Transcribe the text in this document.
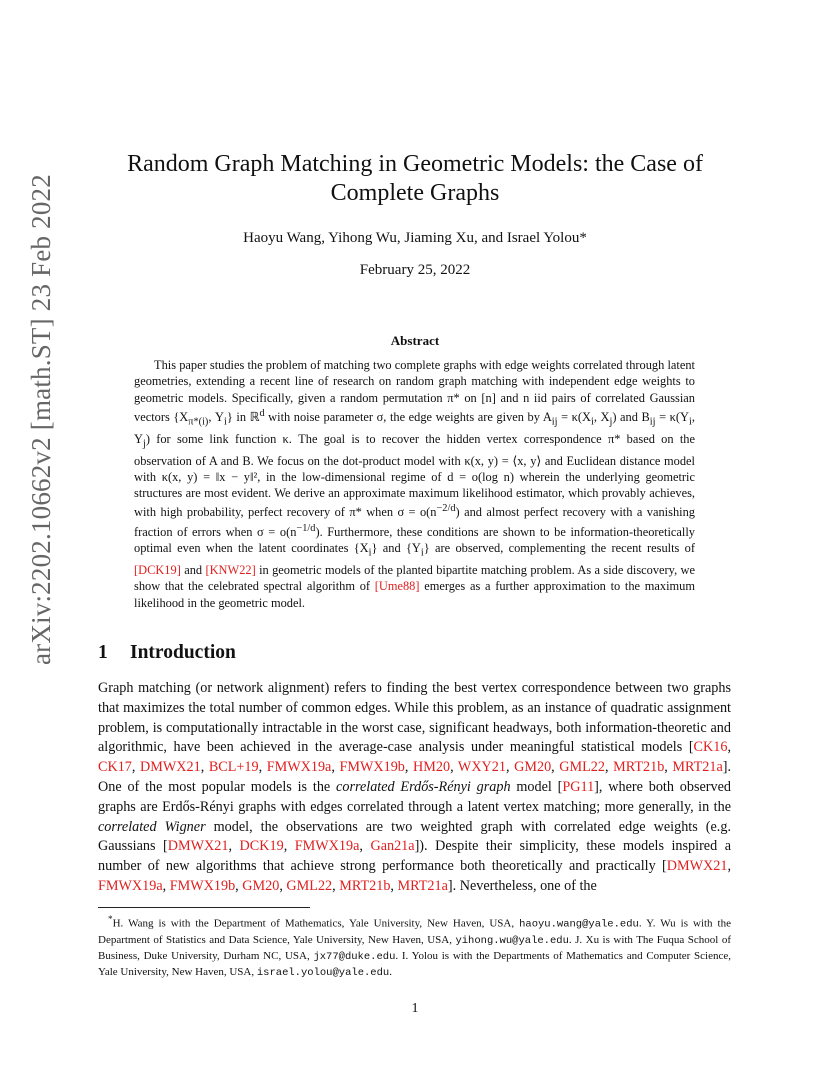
arXiv:2202.10662v2 [math.ST] 23 Feb 2022
Random Graph Matching in Geometric Models: the Case of Complete Graphs
Haoyu Wang, Yihong Wu, Jiaming Xu, and Israel Yolou*
February 25, 2022
Abstract
This paper studies the problem of matching two complete graphs with edge weights correlated through latent geometries, extending a recent line of research on random graph matching with independent edge weights to geometric models. Specifically, given a random permutation π* on [n] and n iid pairs of correlated Gaussian vectors {$X_{\pi*(i)}$, $Y_i$} in ℝ$^d$ with noise parameter σ, the edge weights are given by $A_{ij} = \kappa(X_i$, $X_j$) and $B_{ij} = \kappa(Y_i$, $Y_j$) for some link function κ. The goal is to recover the hidden vertex correspondence π* based on the observation of A and B. We focus on the dot-product model with κ(x, y) = ⟨x, y⟩ and Euclidean distance model with κ(x, y) = ‖x − y‖², in the low-dimensional regime of d = o(log n) wherein the underlying geometric structures are most evident. We derive an approximate maximum likelihood estimator, which provably achieves, with high probability, perfect recovery of π* when $\sigma = o(n^{-2/d})$ and almost perfect recovery with a vanishing fraction of errors when $\sigma = o(n^{-1/d})$. Furthermore, these conditions are shown to be information-theoretically optimal even when the latent coordinates $\{X_i\}$ and $\{Y_i\}$ are observed, complementing the recent results of [DCK19] and [KNW22] in geometric models of the planted bipartite matching problem. As a side discovery, we show that the celebrated spectral algorithm of [Ume88] emerges as a further approximation to the maximum likelihood in the geometric model.
1 Introduction
Graph matching (or network alignment) refers to finding the best vertex correspondence between two graphs that maximizes the total number of common edges. While this problem, as an instance of quadratic assignment problem, is computationally intractable in the worst case, significant headways, both information-theoretic and algorithmic, have been achieved in the average-case analysis under meaningful statistical models [CK16, CK17, DMWX21, BCL+19, FMWX19a, FMWX19b, HM20, WXY21, GM20, GML22, MRT21b, MRT21a]. One of the most popular models is the correlated Erdős-Rényi graph model [PG11], where both observed graphs are Erdős-Rényi graphs with edges correlated through a latent vertex matching; more generally, in the correlated Wigner model, the observations are two weighted graph with correlated edge weights (e.g. Gaussians [DMWX21, DCK19, FMWX19a, Gan21a]). Despite their simplicity, these models inspired a number of new algorithms that achieve strong performance both theoretically and practically [DMWX21, FMWX19a, FMWX19b, GM20, GML22, MRT21b, MRT21a]. Nevertheless, one of the
*H. Wang is with the Department of Mathematics, Yale University, New Haven, USA, haoyu.wang@yale.edu. Y. Wu is with the Department of Statistics and Data Science, Yale University, New Haven, USA, yihong.wu@yale.edu. J. Xu is with The Fuqua School of Business, Duke University, Durham NC, USA, jx77@duke.edu. I. Yolou is with the Departments of Mathematics and Computer Science, Yale University, New Haven, USA, israel.yolou@yale.edu.
1
